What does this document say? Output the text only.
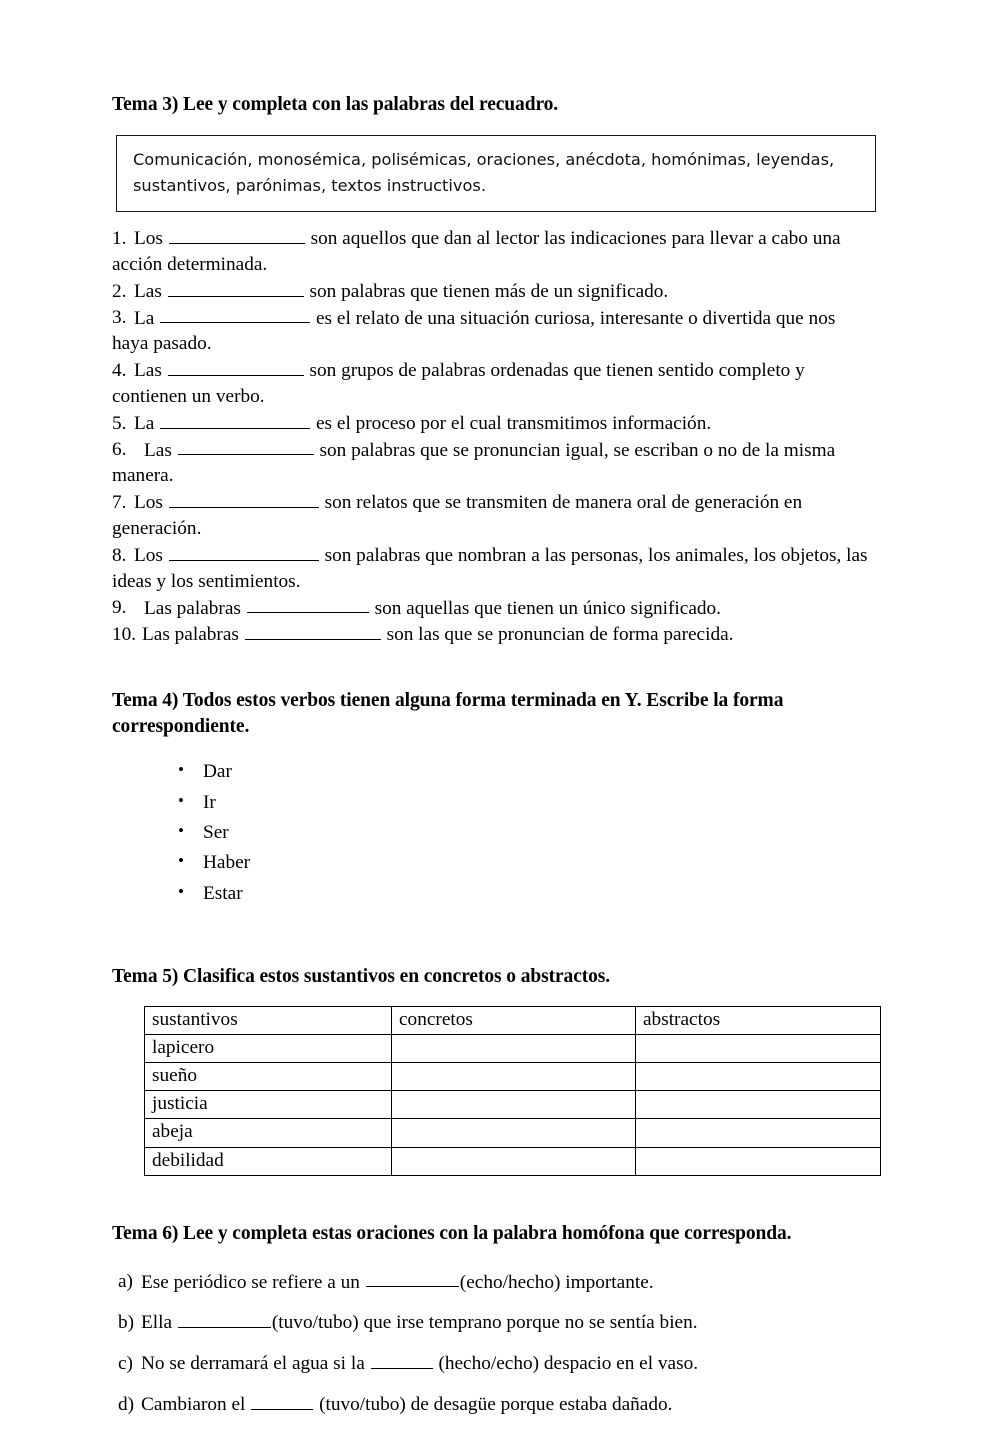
Tema 3) Lee y completa con las palabras del recuadro.
Comunicación, monosémica, polisémicas, oraciones, anécdota, homónimas, leyendas,
sustantivos, parónimas, textos instructivos.
1. Los	son aquellos que dan al lector las indicaciones para llevar a cabo una acción determinada.
2. Las	son palabras que tienen más de un significado.
3. La	es el relato de una situación curiosa, interesante o divertida que nos haya pasado.
4. Las	son grupos de palabras ordenadas que tienen sentido completo y contienen un verbo.
5. La	es el proceso por el cual transmitimos información.
6. Las	son palabras que se pronuncian igual, se escriban o no de la misma manera.
7. Los	son relatos que se transmiten de manera oral de generación en generación.
8. Los	son palabras que nombran a las personas, los animales, los objetos, las ideas y los sentimientos.
9. Las palabras	son aquellas que tienen un único significado.
10. Las palabras	son las que se pronuncian de forma parecida.
Tema 4) Todos estos verbos tienen alguna forma terminada en Y. Escribe la forma correspondiente.
• Dar
• Ir
• Ser
• Haber
• Estar
Tema 5) Clasifica estos sustantivos en concretos o abstractos.
sustantivos	concretos	abstractos
lapicero		
sueño		
justicia		
abeja		
debilidad		
Tema 6) Lee y completa estas oraciones con la palabra homófona que corresponda.
a) Ese periódico se refiere a un	(echo/hecho) importante.
b) Ella	(tuvo/tubo) que irse temprano porque no se sentía bien.
c) No se derramará el agua si la	(hecho/echo) despacio en el vaso.
d) Cambiaron el	(tuvo/tubo) de desagüe porque estaba dañado.
